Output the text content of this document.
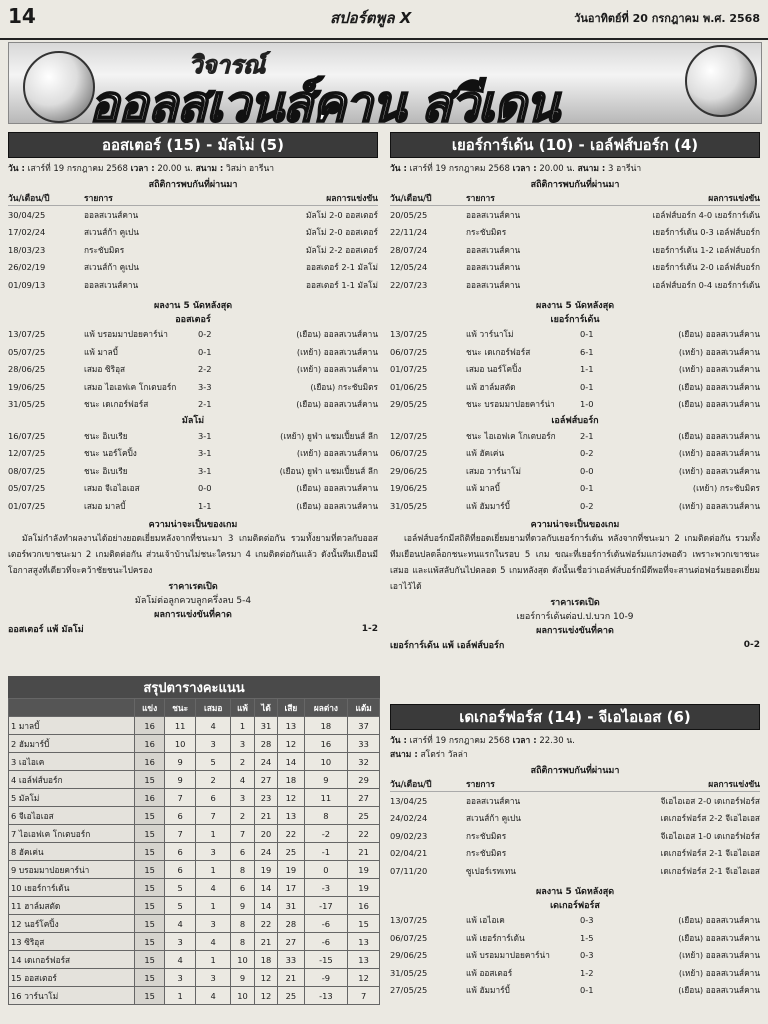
14	สปอร์ตพูล X	วันอาทิตย์ที่ 20 กรกฎาคม พ.ศ. 2568
วิจารณ์
ออลสเวนส์คาน สวีเดน
ออสเตอร์ (15) - มัลโม่ (5)
วัน : เสาร์ที่ 19 กรกฎาคม 2568 เวลา : 20.00 น. สนาม : วิสม่า อารีนา
สถิติการพบกันที่ผ่านมา
วัน/เดือน/ปี	รายการ	ผลการแข่งขัน
30/04/25	ออลสเวนส์คาน	มัลโม่ 2-0 ออสเตอร์
17/02/24	สเวนส์ก้า คูเปน	มัลโม่ 2-0 ออสเตอร์
18/03/23	กระชับมิตร	มัลโม่ 2-2 ออสเตอร์
26/02/19	สเวนส์ก้า คูเปน	ออสเตอร์ 2-1 มัลโม่
01/09/13	ออลสเวนส์คาน	ออสเตอร์ 1-1 มัลโม่
ผลงาน 5 นัดหลังสุด
ออสเตอร์
13/07/25	แพ้ บรอมมาปอยคาร์น่า	0-2	(เยือน) ออลสเวนส์คาน
05/07/25	แพ้ มาลบี้	0-1	(เหย้า) ออลสเวนส์คาน
28/06/25	เสมอ ซิริอุส	2-2	(เหย้า) ออลสเวนส์คาน
19/06/25	เสมอ ไอเอฟเค โกเตบอร์ก	3-3	(เยือน) กระชับมิตร
31/05/25	ชนะ เดเกอร์ฟอร์ส	2-1	(เยือน) ออลสเวนส์คาน
มัลโม่
16/07/25	ชนะ อิเบเรีย	3-1	(เหย้า) ยูฟ่า แชมเปี้ยนส์ ลีก
12/07/25	ชนะ นอร์โคปิ้ง	3-1	(เหย้า) ออลสเวนส์คาน
08/07/25	ชนะ อิเบเรีย	3-1	(เยือน) ยูฟ่า แชมเปี้ยนส์ ลีก
05/07/25	เสมอ จีเอไอเอส	0-0	(เยือน) ออลสเวนส์คาน
01/07/25	เสมอ มาลบี้	1-1	(เยือน) ออลสเวนส์คาน
ความน่าจะเป็นของเกม
มัลโม่กำลังทำผลงานได้อย่างยอดเยี่ยมหลังจากที่ชนะมา 3 เกมติดต่อกัน รวมทั้งยามที่ดวลกับออสเตอร์พวกเขาชนะมา 2 เกมติดต่อกัน ส่วนเจ้าบ้านไม่ชนะใครมา 4 เกมติดต่อกันแล้ว ดังนั้นทีมเยือนมีโอกาสสูงที่เดียวที่จะคว้าชัยชนะไปครอง
ราคาเรตเปิด
มัลโม่ต่อลูกควบลูกครึ่งลบ 5-4
ผลการแข่งขันที่คาด
ออสเตอร์ แพ้ มัลโม่	1-2
เยอร์การ์เด้น (10) - เอล์ฟส์บอร์ก (4)
วัน : เสาร์ที่ 19 กรกฎาคม 2568 เวลา : 20.00 น. สนาม : 3 อารีน่า
สถิติการพบกันที่ผ่านมา
วัน/เดือน/ปี	รายการ	ผลการแข่งขัน
20/05/25	ออลสเวนส์คาน	เอล์ฟส์บอร์ก 4-0 เยอร์การ์เด้น
22/11/24	กระชับมิตร	เยอร์การ์เด้น 0-3 เอล์ฟส์บอร์ก
28/07/24	ออลสเวนส์คาน	เยอร์การ์เด้น 1-2 เอล์ฟส์บอร์ก
12/05/24	ออลสเวนส์คาน	เยอร์การ์เด้น 2-0 เอล์ฟส์บอร์ก
22/07/23	ออลสเวนส์คาน	เอล์ฟส์บอร์ก 0-4 เยอร์การ์เด้น
ผลงาน 5 นัดหลังสุด
เยอร์การ์เด้น
13/07/25	แพ้ วาร์นาโม่	0-1	(เยือน) ออลสเวนส์คาน
06/07/25	ชนะ เดเกอร์ฟอร์ส	6-1	(เหย้า) ออลสเวนส์คาน
01/07/25	เสมอ นอร์โคปิ้ง	1-1	(เหย้า) ออลสเวนส์คาน
01/06/25	แพ้ ฮาล์มสตัด	0-1	(เยือน) ออลสเวนส์คาน
29/05/25	ชนะ บรอมมาปอยคาร์น่า	1-0	(เยือน) ออลสเวนส์คาน
เอล์ฟส์บอร์ก
12/07/25	ชนะ ไอเอฟเค โกเตบอร์ก	2-1	(เยือน) ออลสเวนส์คาน
06/07/25	แพ้ ฮัคเค่น	0-2	(เหย้า) ออลสเวนส์คาน
29/06/25	เสมอ วาร์นาโม่	0-0	(เหย้า) ออลสเวนส์คาน
19/06/25	แพ้ มาลบี้	0-1	(เหย้า) กระชับมิตร
31/05/25	แพ้ ฮัมมาร์บี้	0-2	(เหย้า) ออลสเวนส์คาน
ความน่าจะเป็นของเกม
เอล์ฟส์บอร์กมีสถิติที่ยอดเยี่ยมยามที่ดวลกับเยอร์การ์เด้น หลังจากที่ชนะมา 2 เกมติดต่อกัน รวมทั้งทีมเยือนปลดล็อกชนะทนแรกในรอบ 5 เกม ขณะที่เยอร์การ์เด้นฟอร์มแกว่งพอตัว เพราะพวกเขาชนะ เสมอ และแพ้สลับกันไปตลอด 5 เกมหลังสุด ดังนั้นเชื่อว่าเอล์ฟส์บอร์กมีดีพอที่จะสานต่อฟอร์มยอดเยี่ยมเอาไว้ได้
ราคาเรตเปิด
เยอร์การ์เด้นต่อป.ป.บวก 10-9
ผลการแข่งขันที่คาด
เยอร์การ์เด้น แพ้ เอล์ฟส์บอร์ก	0-2
เดเกอร์ฟอร์ส (14) - จีเอไอเอส (6)
วัน : เสาร์ที่ 19 กรกฎาคม 2568 เวลา : 22.30 น.
สนาม : สโตร่า วัลล่า
สถิติการพบกันที่ผ่านมา
วัน/เดือน/ปี	รายการ	ผลการแข่งขัน
13/04/25	ออลสเวนส์คาน	จีเอไอเอส 2-0 เดเกอร์ฟอร์ส
24/02/24	สเวนส์ก้า คูเปน	เดเกอร์ฟอร์ส 2-2 จีเอไอเอส
09/02/23	กระชับมิตร	จีเอไอเอส 1-0 เดเกอร์ฟอร์ส
02/04/21	กระชับมิตร	เดเกอร์ฟอร์ส 2-1 จีเอไอเอส
07/11/20	ซูเปอร์เรทเทน	เดเกอร์ฟอร์ส 2-1 จีเอไอเอส
ผลงาน 5 นัดหลังสุด
เดเกอร์ฟอร์ส
13/07/25	แพ้ เอไอเค	0-3	(เยือน) ออลสเวนส์คาน
06/07/25	แพ้ เยอร์การ์เด้น	1-5	(เยือน) ออลสเวนส์คาน
29/06/25	แพ้ บรอมมาปอยคาร์น่า	0-3	(เหย้า) ออลสเวนส์คาน
31/05/25	แพ้ ออสเตอร์	1-2	(เหย้า) ออลสเวนส์คาน
27/05/25	แพ้ ฮัมมาร์บี้	0-1	(เยือน) ออลสเวนส์คาน
สรุปตารางคะแนน
	แข่ง	ชนะ	เสมอ	แพ้	ได้	เสีย	ผลต่าง	แต้ม
1 มาลบี้	16	11	4	1	31	13	18	37
2 ฮัมมาร์บี้	16	10	3	3	28	12	16	33
3 เอไอเค	16	9	5	2	24	14	10	32
4 เอล์ฟส์บอร์ก	15	9	2	4	27	18	9	29
5 มัลโม่	16	7	6	3	23	12	11	27
6 จีเอไอเอส	15	6	7	2	21	13	8	25
7 ไอเอฟเค โกเตบอร์ก	15	7	1	7	20	22	-2	22
8 ฮัคเค่น	15	6	3	6	24	25	-1	21
9 บรอมมาปอยคาร์น่า	15	6	1	8	19	19	0	19
10 เยอร์การ์เด้น	15	5	4	6	14	17	-3	19
11 ฮาล์มสตัด	15	5	1	9	14	31	-17	16
12 นอร์โคปิ้ง	15	4	3	8	22	28	-6	15
13 ซิริอุส	15	3	4	8	21	27	-6	13
14 เดเกอร์ฟอร์ส	15	4	1	10	18	33	-15	13
15 ออสเตอร์	15	3	3	9	12	21	-9	12
16 วาร์นาโม่	15	1	4	10	12	25	-13	7
